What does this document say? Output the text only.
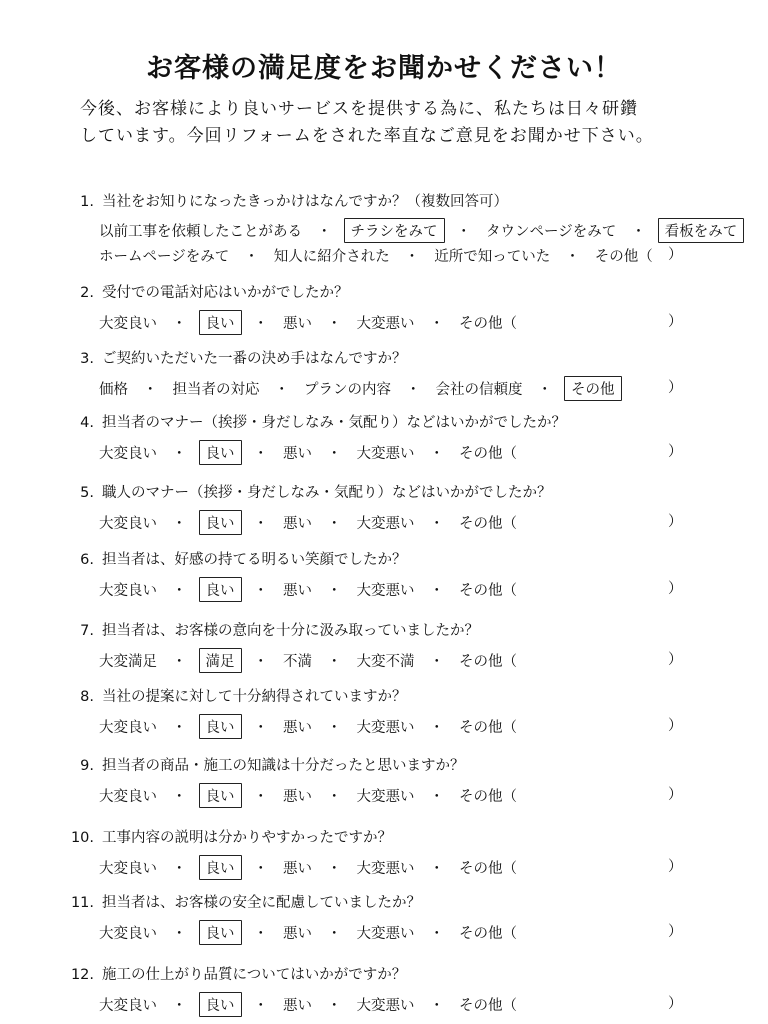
お客様の満足度をお聞かせください！
今後、お客様により良いサービスを提供する為に、私たちは日々研鑽
しています。今回リフォームをされた率直なご意見をお聞かせ下さい。
1. 当社をお知りになったきっかけはなんですか？（複数回答可）
以前工事を依頼したことがある ・ チラシをみて ・ タウンページをみて ・ 看板をみて
ホームページをみて ・ 知人に紹介された ・ 近所で知っていた ・ その他（ ）
2. 受付での電話対応はいかがでしたか？
大変良い ・ 良い ・ 悪い ・ 大変悪い ・ その他（	）
3. ご契約いただいた一番の決め手はなんですか？
価格 ・ 担当者の対応 ・ プランの内容 ・ 会社の信頼度 ・ その他	）
4. 担当者のマナー（挨拶・身だしなみ・気配り）などはいかがでしたか？
大変良い ・ 良い ・ 悪い ・ 大変悪い ・ その他（	）
5. 職人のマナー（挨拶・身だしなみ・気配り）などはいかがでしたか？
大変良い ・ 良い ・ 悪い ・ 大変悪い ・ その他（	）
6. 担当者は、好感の持てる明るい笑顔でしたか？
大変良い ・ 良い ・ 悪い ・ 大変悪い ・ その他（	）
7. 担当者は、お客様の意向を十分に汲み取っていましたか？
大変満足 ・ 満足 ・ 不満 ・ 大変不満 ・ その他（	）
8. 当社の提案に対して十分納得されていますか？
大変良い ・ 良い ・ 悪い ・ 大変悪い ・ その他（	）
9. 担当者の商品・施工の知識は十分だったと思いますか？
大変良い ・ 良い ・ 悪い ・ 大変悪い ・ その他（	）
10. 工事内容の説明は分かりやすかったですか？
大変良い ・ 良い ・ 悪い ・ 大変悪い ・ その他（	）
11. 担当者は、お客様の安全に配慮していましたか？
大変良い ・ 良い ・ 悪い ・ 大変悪い ・ その他（	）
12. 施工の仕上がり品質についてはいかがですか？
大変良い ・ 良い ・ 悪い ・ 大変悪い ・ その他（	）
